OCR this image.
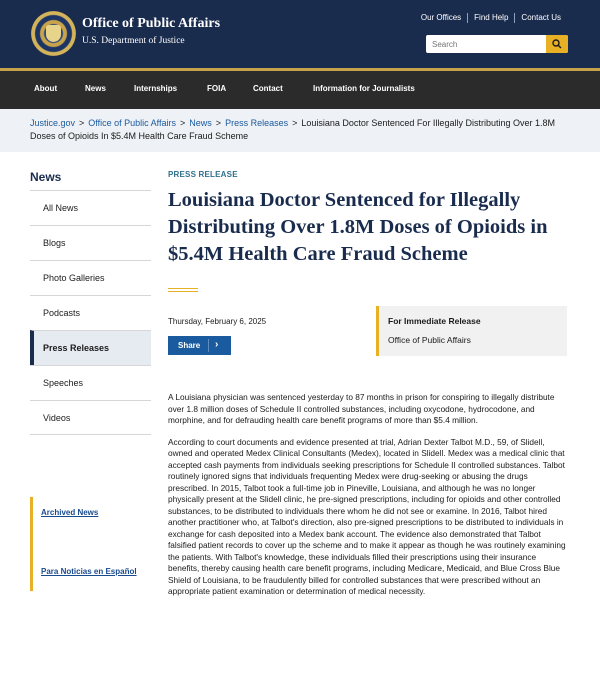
Office of Public Affairs
U.S. Department of Justice
Our Offices	Find Help	Contact Us
Search
About	News	Internships	FOIA	Contact	Information for Journalists
Justice.gov > Office of Public Affairs > News > Press Releases > Louisiana Doctor Sentenced For Illegally Distributing Over 1.8M Doses of Opioids In $5.4M Health Care Fraud Scheme
News
All News
Blogs
Photo Galleries
Podcasts
Press Releases
Speeches
Videos
Archived News
Para Noticias en Español
PRESS RELEASE
Louisiana Doctor Sentenced for Illegally Distributing Over 1.8M Doses of Opioids in $5.4M Health Care Fraud Scheme
Thursday, February 6, 2025
Share ›
For Immediate Release
Office of Public Affairs

A Louisiana physician was sentenced yesterday to 87 months in prison for conspiring to illegally distribute over 1.8 million doses of Schedule II controlled substances, including oxycodone, hydrocodone, and morphine, and for defrauding health care benefit programs of more than $5.4 million.

According to court documents and evidence presented at trial, Adrian Dexter Talbot M.D., 59, of Slidell, owned and operated Medex Clinical Consultants (Medex), located in Slidell. Medex was a medical clinic that accepted cash payments from individuals seeking prescriptions for Schedule II controlled substances. Talbot routinely ignored signs that individuals frequenting Medex were drug-seeking or abusing the drugs prescribed. In 2015, Talbot took a full-time job in Pineville, Louisiana, and although he was no longer physically present at the Slidell clinic, he pre-signed prescriptions, including for opioids and other controlled substances, to be distributed to individuals there whom he did not see or examine. In 2016, Talbot hired another practitioner who, at Talbot's direction, also pre-signed prescriptions to be distributed to individuals in exchange for cash deposited into a Medex bank account. The evidence also demonstrated that Talbot falsified patient records to cover up the scheme and to make it appear as though he was routinely examining the patients. With Talbot's knowledge, these individuals filled their prescriptions using their insurance benefits, thereby causing health care benefit programs, including Medicare, Medicaid, and Blue Cross Blue Shield of Louisiana, to be fraudulently billed for controlled substances that were prescribed without an appropriate patient examination or determination of medical necessity.
